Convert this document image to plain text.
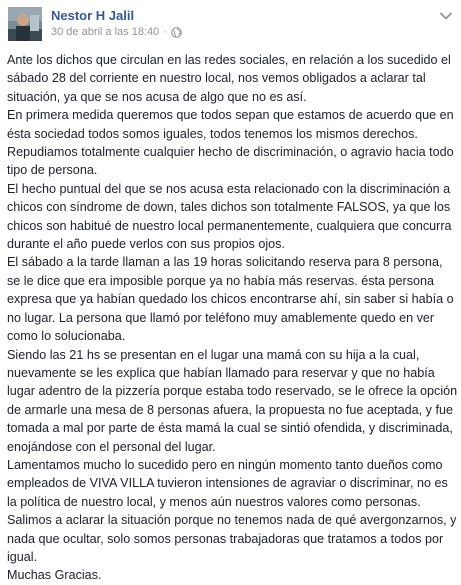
Nestor H Jalil
30 de abril a las 18:40 ·

Ante los dichos que circulan en las redes sociales, en relación a los sucedido el sábado 28 del corriente en nuestro local, nos vemos obligados a aclarar tal situación, ya que se nos acusa de algo que no es así.

En primera medida queremos que todos sepan que estamos de acuerdo que en ésta sociedad todos somos iguales, todos tenemos los mismos derechos. Repudiamos totalmente cualquier hecho de discriminación, o agravio hacia todo tipo de persona.

El hecho puntual del que se nos acusa esta relacionado con la discriminación a chicos con síndrome de down, tales dichos son totalmente FALSOS, ya que los chicos son habitué de nuestro local permanentemente, cualquiera que concurra durante el año puede verlos con sus propios ojos.

El sábado a la tarde llaman a las 19 horas solicitando reserva para 8 persona, se le dice que era imposible porque ya no había más reservas. ésta persona expresa que ya habían quedado los chicos encontrarse ahí, sin saber si había o no lugar. La persona que llamó por teléfono muy amablemente quedo en ver como lo solucionaba.

Siendo las 21 hs se presentan en el lugar una mamá con su hija a la cual, nuevamente se les explica que habían llamado para reservar y que no había lugar adentro de la pizzería porque estaba todo reservado, se le ofrece la opción de armarle una mesa de 8 personas afuera, la propuesta no fue aceptada, y fue tomada a mal por parte de ésta mamá la cual se sintió ofendida, y discriminada, enojándose con el personal del lugar.

Lamentamos mucho lo sucedido pero en ningún momento tanto dueños como empleados de VIVA VILLA tuvieron intensiones de agraviar o discriminar, no es la política de nuestro local, y menos aún nuestros valores como personas.

Salimos a aclarar la situación porque no tenemos nada de qué avergonzarnos, y nada que ocultar, solo somos personas trabajadoras que tratamos a todos por igual.

Muchas Gracias.
